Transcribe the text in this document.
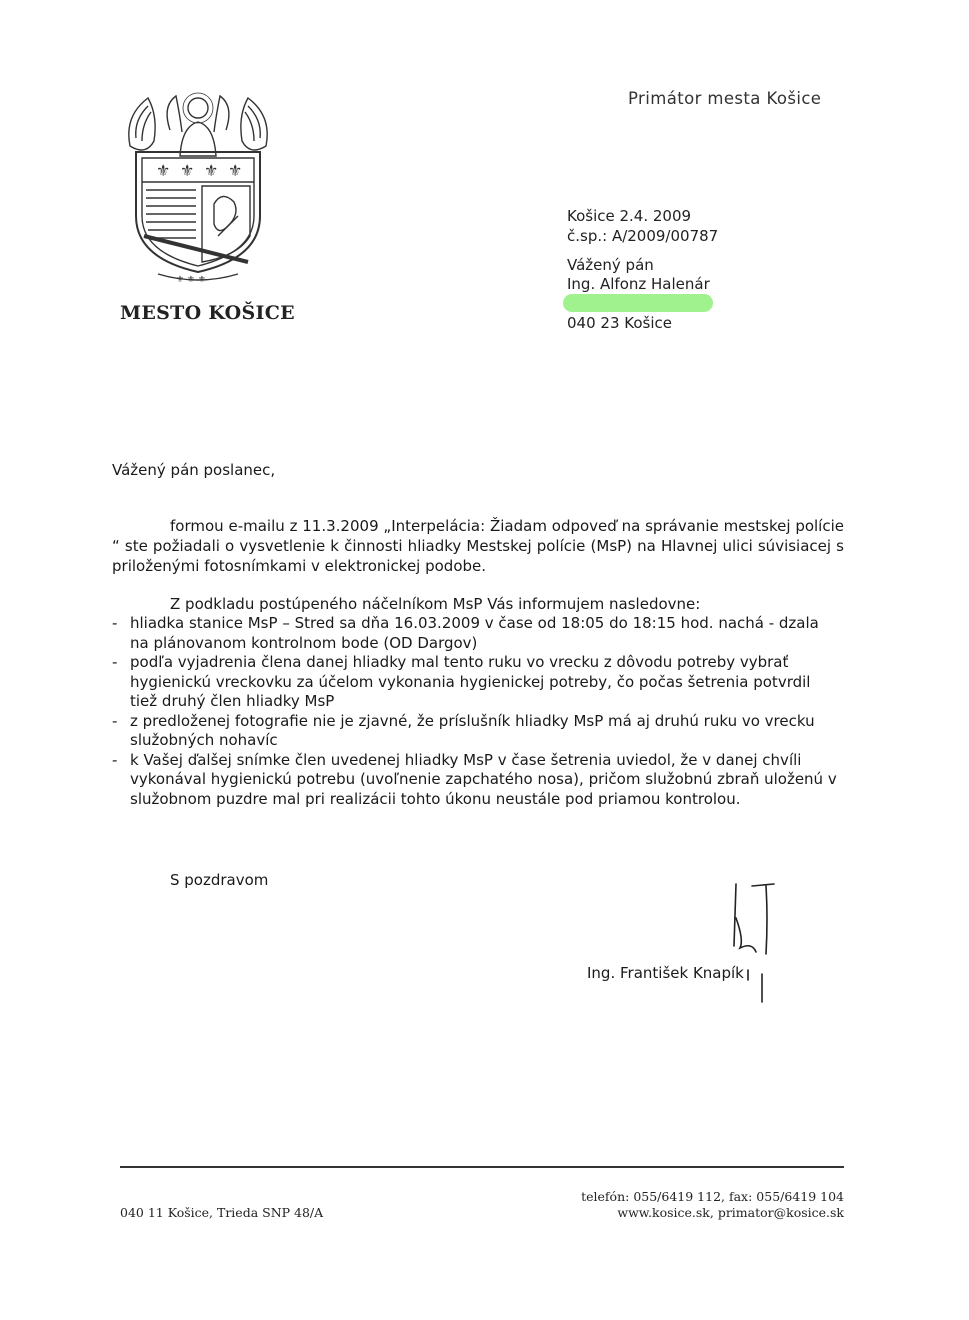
⚜ ⚜ ⚜ ⚜
⚜ ⚜ ⚜
MESTO KOŠICE
Primátor mesta Košice
Košice 2.4. 2009
č.sp.: A/2009/00787
Vážený pán
Ing. Alfonz Halenár
040 23 Košice
Vážený pán poslanec,
formou e-mailu z 11.3.2009 „Interpelácia: Žiadam odpoveď na správanie mestskej polície “ ste požiadali o vysvetlenie k činnosti hliadky Mestskej polície (MsP) na Hlavnej ulici súvisiacej s priloženými fotosnímkami v elektronickej podobe.
Z podkladu postúpeného náčelníkom MsP Vás informujem nasledovne:
- hliadka stanice MsP – Stred sa dňa 16.03.2009 v čase od 18:05 do 18:15 hod. nachá - dzala na plánovanom kontrolnom bode (OD Dargov)
- podľa vyjadrenia člena danej hliadky mal tento ruku vo vrecku z dôvodu potreby vybrať hygienickú vreckovku za účelom vykonania hygienickej potreby, čo počas šetrenia potvrdil tiež druhý člen hliadky MsP
- z predloženej fotografie nie je zjavné, že príslušník hliadky MsP má aj druhú ruku vo vrecku služobných nohavíc
- k Vašej ďalšej snímke člen uvedenej hliadky MsP v čase šetrenia uviedol, že v danej chvíli vykonával hygienickú potrebu (uvoľnenie zapchatého nosa), pričom služobnú zbraň uloženú v služobnom puzdre mal pri realizácii tohto úkonu neustále pod priamou kontrolou.
S pozdravom
Ing. František Knapík
040 11 Košice, Trieda SNP 48/A
telefón: 055/6419 112, fax: 055/6419 104
www.kosice.sk, primator@kosice.sk
